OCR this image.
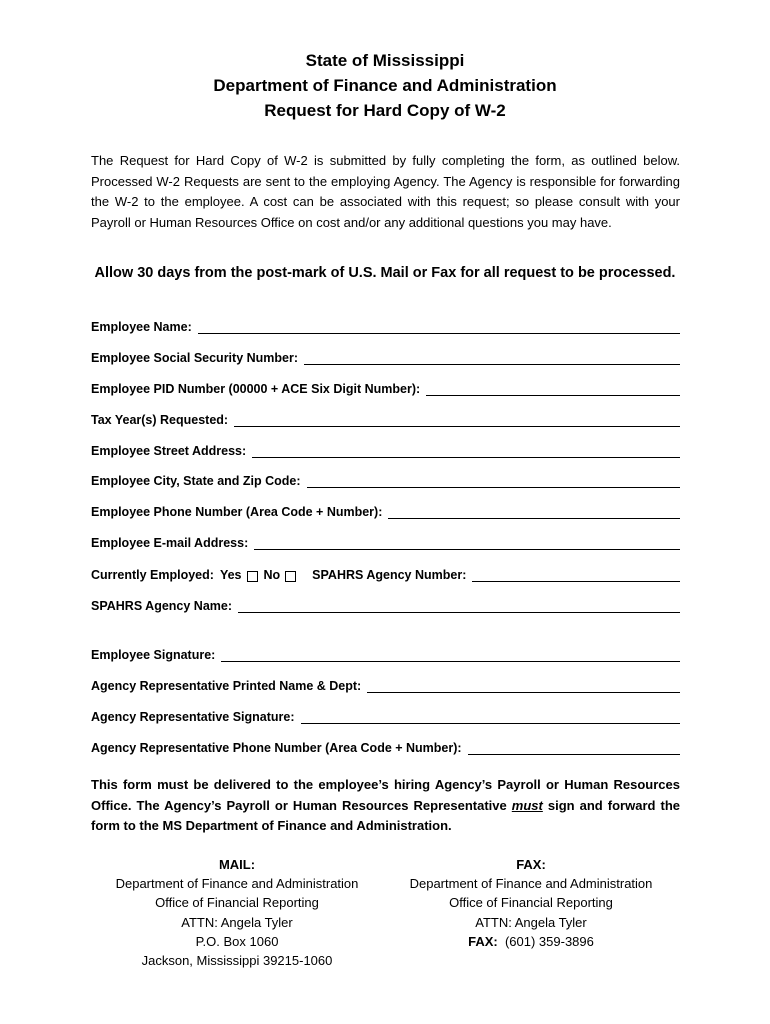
State of Mississippi
Department of Finance and Administration
Request for Hard Copy of W-2
The Request for Hard Copy of W-2 is submitted by fully completing the form, as outlined below. Processed W-2 Requests are sent to the employing Agency. The Agency is responsible for forwarding the W-2 to the employee. A cost can be associated with this request; so please consult with your Payroll or Human Resources Office on cost and/or any additional questions you may have.
Allow 30 days from the post-mark of U.S. Mail or Fax for all request to be processed.
Employee Name:
Employee Social Security Number:
Employee PID Number (00000 + ACE Six Digit Number):
Tax Year(s) Requested:
Employee Street Address:
Employee City, State and Zip Code:
Employee Phone Number (Area Code + Number):
Employee E-mail Address:
Currently Employed: Yes No	SPAHRS Agency Number:
SPAHRS Agency Name:
Employee Signature:
Agency Representative Printed Name & Dept:
Agency Representative Signature:
Agency Representative Phone Number (Area Code + Number):
This form must be delivered to the employee’s hiring Agency’s Payroll or Human Resources Office. The Agency’s Payroll or Human Resources Representative must sign and forward the form to the MS Department of Finance and Administration.
MAIL:
Department of Finance and Administration
Office of Financial Reporting
ATTN: Angela Tyler
P.O. Box 1060
Jackson, Mississippi 39215-1060
FAX:
Department of Finance and Administration
Office of Financial Reporting
ATTN: Angela Tyler
FAX: (601) 359-3896
